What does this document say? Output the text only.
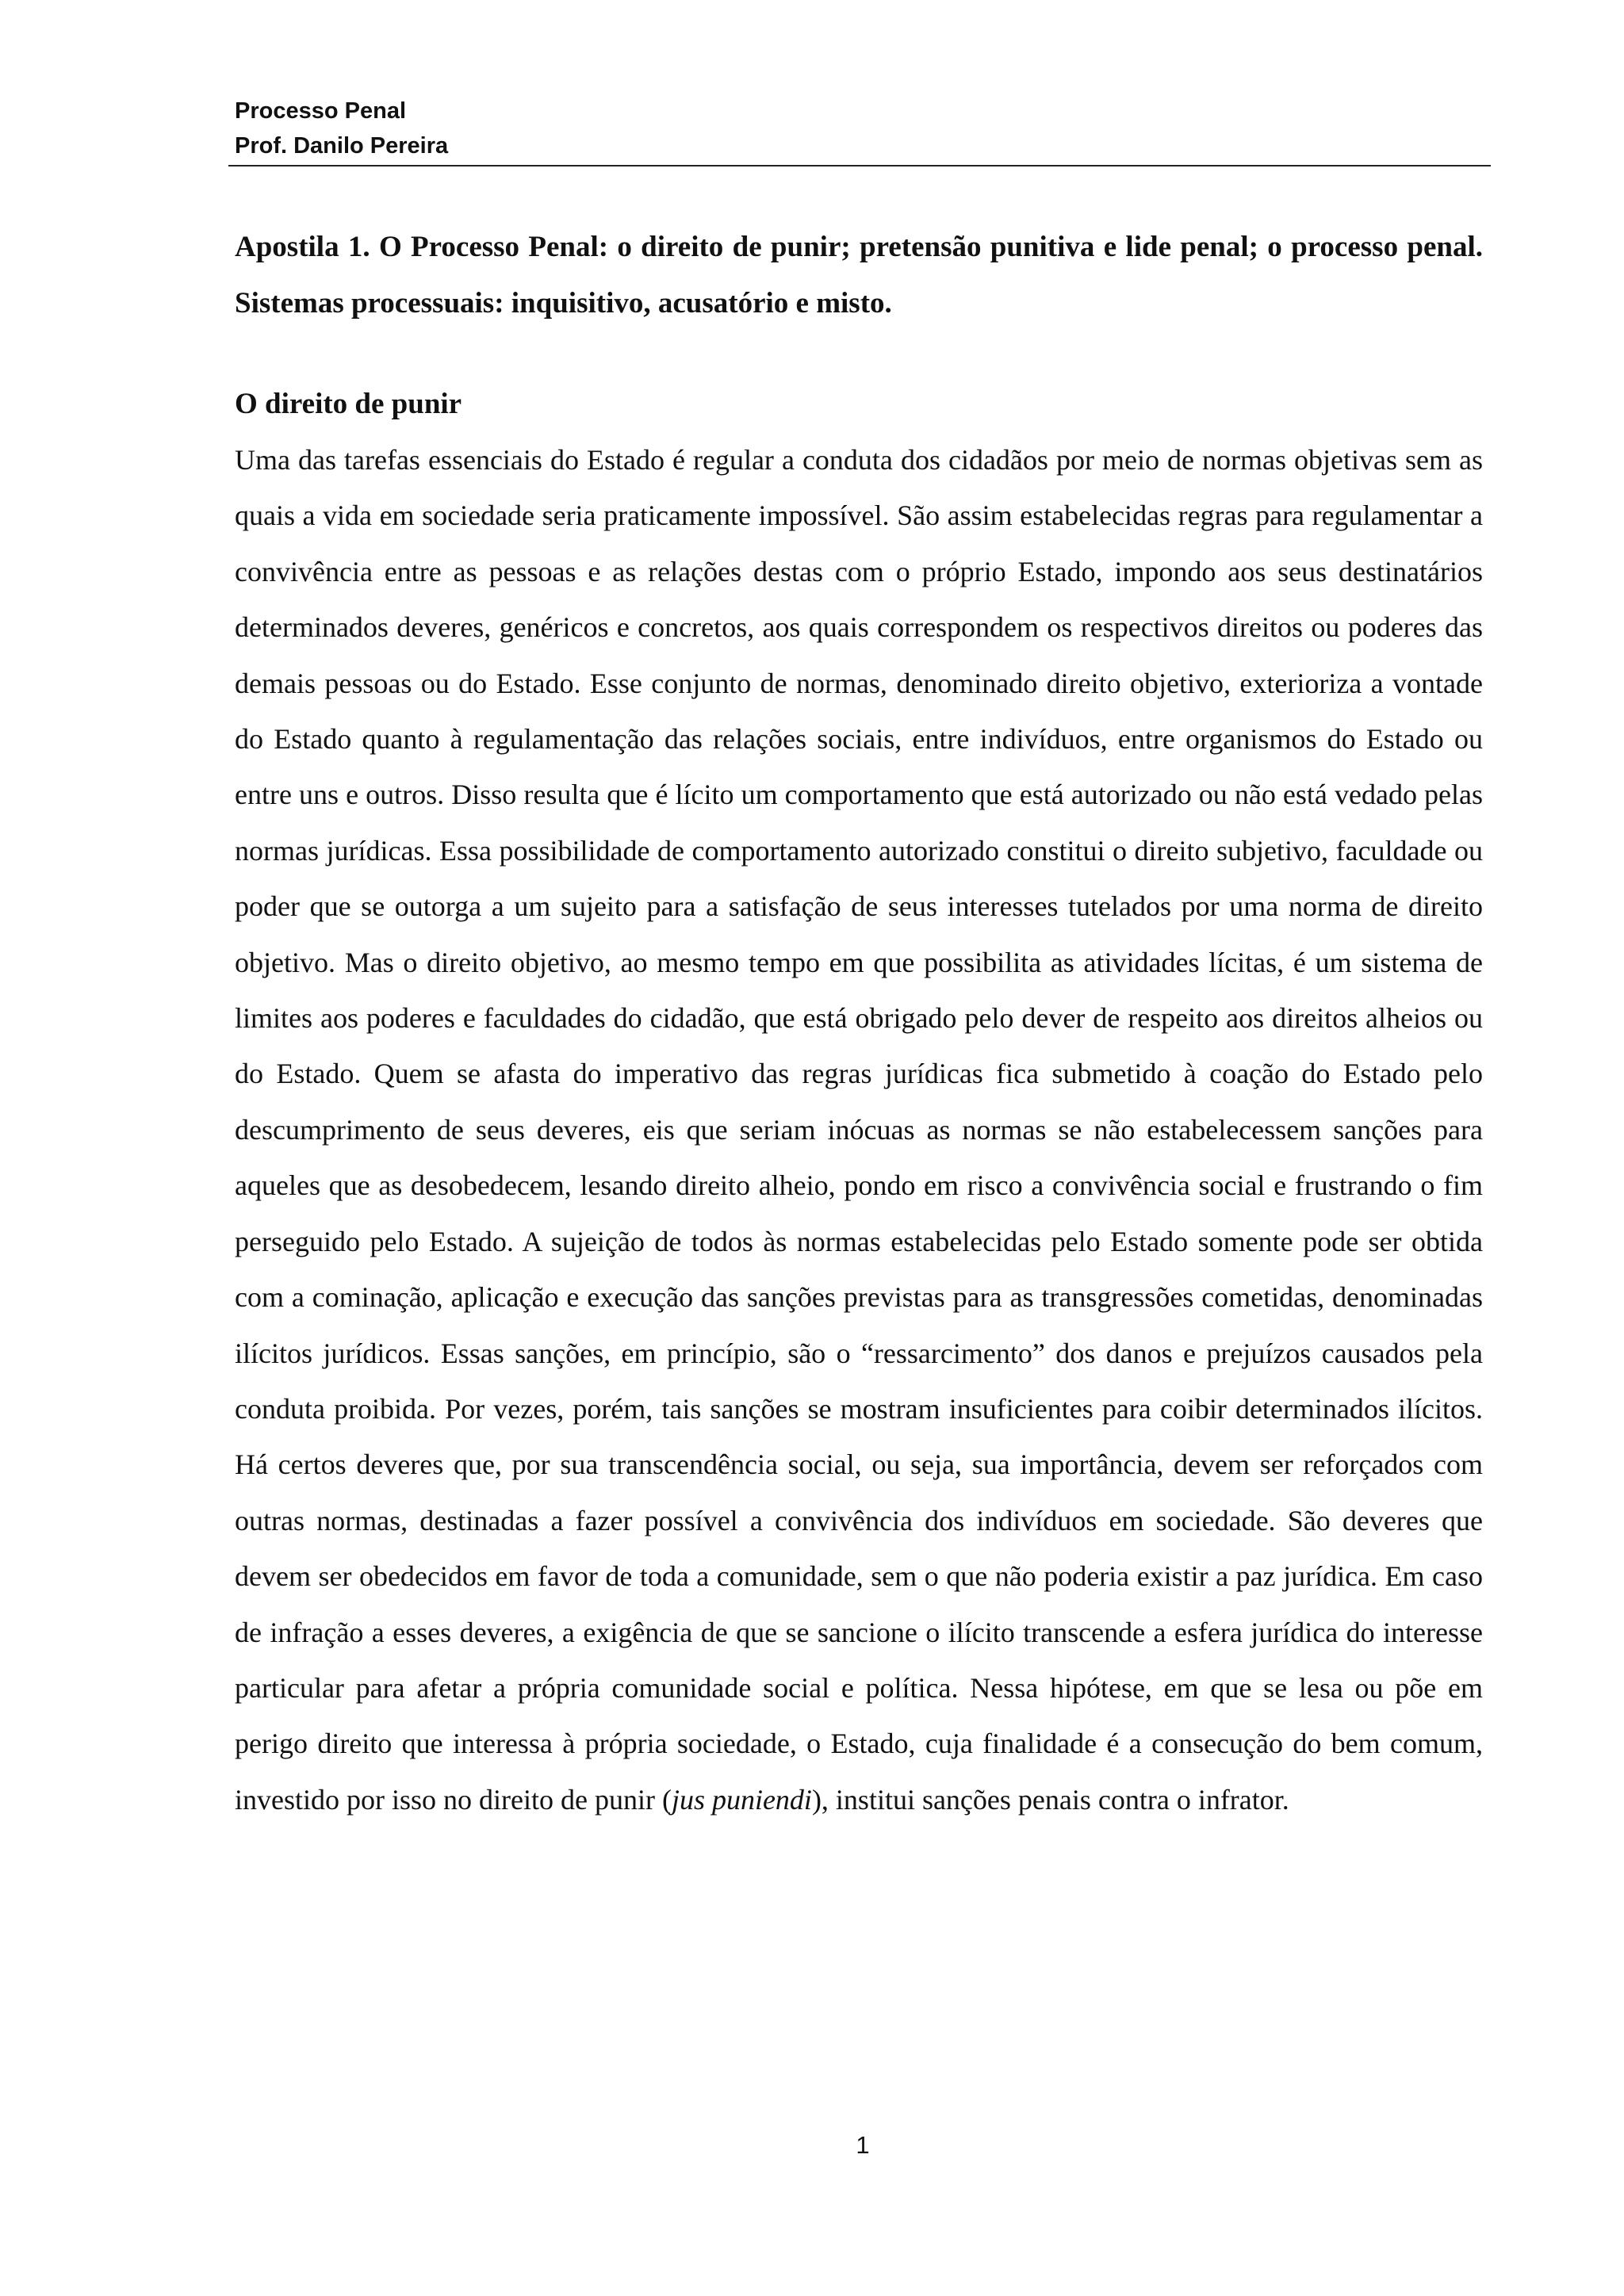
Processo Penal
Prof. Danilo Pereira

Apostila 1. O Processo Penal: o direito de punir; pretensão punitiva e lide penal; o processo penal. Sistemas processuais: inquisitivo, acusatório e misto.

O direito de punir

Uma das tarefas essenciais do Estado é regular a conduta dos cidadãos por meio de normas objetivas sem as quais a vida em sociedade seria praticamente impossível. São assim estabelecidas regras para regulamentar a convivência entre as pessoas e as relações destas com o próprio Estado, impondo aos seus destinatários determinados deveres, genéricos e concretos, aos quais correspondem os respectivos direitos ou poderes das demais pessoas ou do Estado. Esse conjunto de normas, denominado direito objetivo, exterioriza a vontade do Estado quanto à regulamentação das relações sociais, entre indivíduos, entre organismos do Estado ou entre uns e outros. Disso resulta que é lícito um comportamento que está autorizado ou não está vedado pelas normas jurídicas. Essa possibilidade de comportamento autorizado constitui o direito subjetivo, faculdade ou poder que se outorga a um sujeito para a satisfação de seus interesses tutelados por uma norma de direito objetivo. Mas o direito objetivo, ao mesmo tempo em que possibilita as atividades lícitas, é um sistema de limites aos poderes e faculdades do cidadão, que está obrigado pelo dever de respeito aos direitos alheios ou do Estado. Quem se afasta do imperativo das regras jurídicas fica submetido à coação do Estado pelo descumprimento de seus deveres, eis que seriam inócuas as normas se não estabelecessem sanções para aqueles que as desobedecem, lesando direito alheio, pondo em risco a convivência social e frustrando o fim perseguido pelo Estado. A sujeição de todos às normas estabelecidas pelo Estado somente pode ser obtida com a cominação, aplicação e execução das sanções previstas para as transgressões cometidas, denominadas ilícitos jurídicos. Essas sanções, em princípio, são o “ressarcimento” dos danos e prejuízos causados pela conduta proibida. Por vezes, porém, tais sanções se mostram insuficientes para coibir determinados ilícitos. Há certos deveres que, por sua transcendência social, ou seja, sua importância, devem ser reforçados com outras normas, destinadas a fazer possível a convivência dos indivíduos em sociedade. São deveres que devem ser obedecidos em favor de toda a comunidade, sem o que não poderia existir a paz jurídica. Em caso de infração a esses deveres, a exigência de que se sancione o ilícito transcende a esfera jurídica do interesse particular para afetar a própria comunidade social e política. Nessa hipótese, em que se lesa ou põe em perigo direito que interessa à própria sociedade, o Estado, cuja finalidade é a consecução do bem comum, investido por isso no direito de punir (jus puniendi), institui sanções penais contra o infrator.

1
